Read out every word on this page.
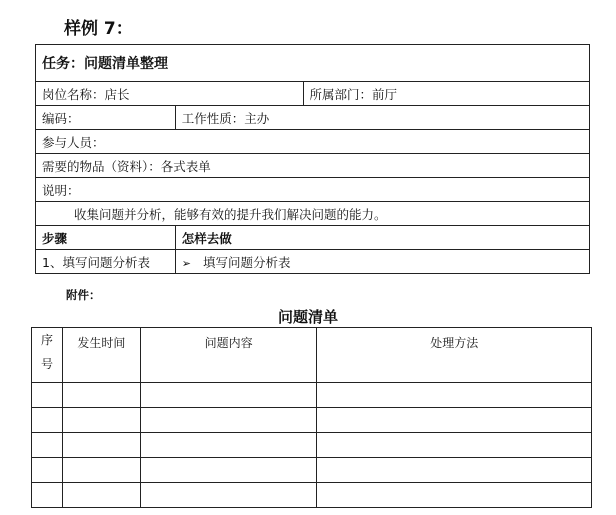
样例 7：
任务：问题清单整理		
岗位名称：店长		所属部门：前厅
编码：	工作性质：主办	
参与人员：		
需要的物品（资料）：各式表单		
说明：		
收集问题并分析，能够有效的提升我们解决问题的能力。		
步骤	怎样去做	
1、填写问题分析表	➢ 填写问题分析表	
附件：
问题清单
序
号	发生时间	问题内容	处理方法
